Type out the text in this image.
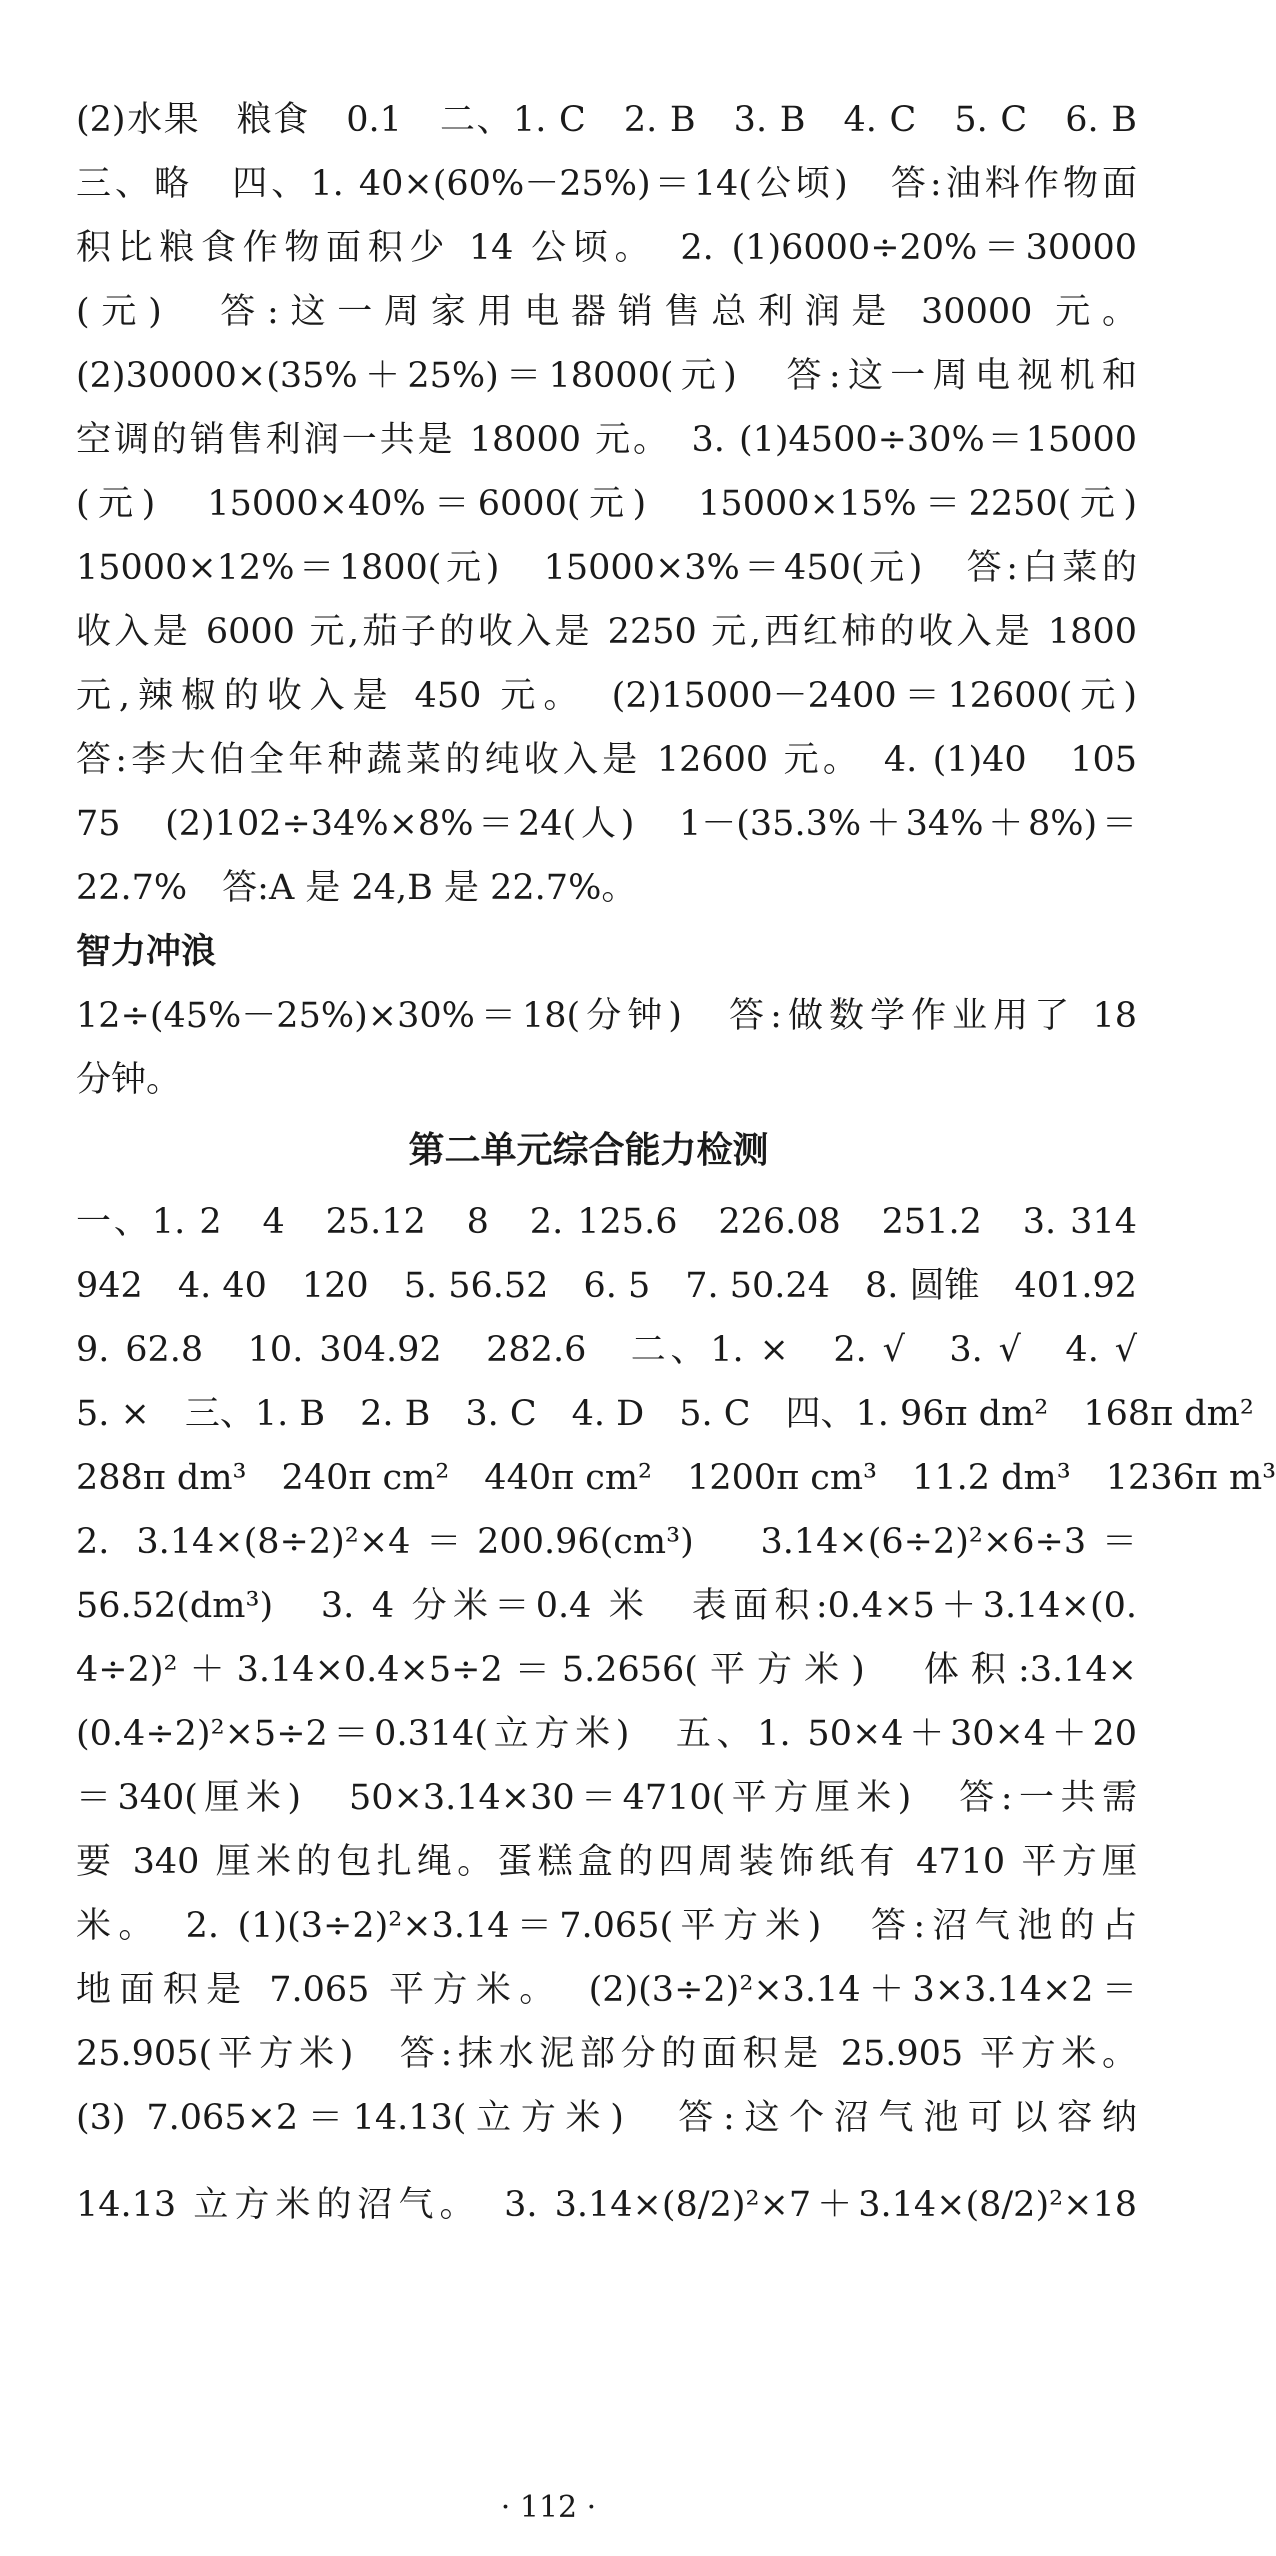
(2)水果　粮食　0.1　二、1. C　2. B　3. B　4. C　5. C　6. B
三、略　四、1. 40×(60%－25%)＝14(公顷)　答:油料作物面
积比粮食作物面积少 14 公顷。　2. (1)6000÷20%＝30000
(元)　答:这一周家用电器销售总利润是 30000 元。
(2)30000×(35%＋25%)＝18000(元)　答:这一周电视机和
空调的销售利润一共是 18000 元。　3. (1)4500÷30%＝15000
(元)　15000×40%＝6000(元)　15000×15%＝2250(元)
15000×12%＝1800(元)　15000×3%＝450(元)　答:白菜的
收入是 6000 元,茄子的收入是 2250 元,西红柿的收入是 1800
元,辣椒的收入是 450 元。　(2)15000－2400＝12600(元)
答:李大伯全年种蔬菜的纯收入是 12600 元。　4. (1)40　105
75　(2)102÷34%×8%＝24(人)　1－(35.3%＋34%＋8%)＝
22.7%　答:A 是 24,B 是 22.7%。
智力冲浪
12÷(45%－25%)×30%＝18(分钟)　答:做数学作业用了 18
分钟。
第二单元综合能力检测
一、1. 2　4　25.12　8　2. 125.6　226.08　251.2　3. 314
942　4. 40　120　5. 56.52　6. 5　7. 50.24　8. 圆锥　401.92
9. 62.8　10. 304.92　282.6　二、1. ×　2. √　3. √　4. √
5. ×　三、1. B　2. B　3. C　4. D　5. C　四、1. 96π dm²　168π dm²
288π dm³　240π cm²　440π cm²　1200π cm³　11.2 dm³　1236π m³
2. 3.14×(8÷2)²×4＝200.96(cm³)　3.14×(6÷2)²×6÷3＝
56.52(dm³)　3. 4 分米＝0.4 米　表面积:0.4×5＋3.14×(0.
4÷2)²＋3.14×0.4×5÷2＝5.2656(平方米)　体积:3.14×
(0.4÷2)²×5÷2＝0.314(立方米)　五、1. 50×4＋30×4＋20
＝340(厘米)　50×3.14×30＝4710(平方厘米)　答:一共需
要 340 厘米的包扎绳。蛋糕盒的四周装饰纸有 4710 平方厘
米。　2. (1)(3÷2)²×3.14＝7.065(平方米)　答:沼气池的占
地面积是 7.065 平方米。　(2)(3÷2)²×3.14＋3×3.14×2＝
25.905(平方米)　答:抹水泥部分的面积是 25.905 平方米。
(3) 7.065×2＝14.13(立方米)　答:这个沼气池可以容纳
14.13 立方米的沼气。　3. 3.14×(8/2)²×7＋3.14×(8/2)²×18
· 112 ·
